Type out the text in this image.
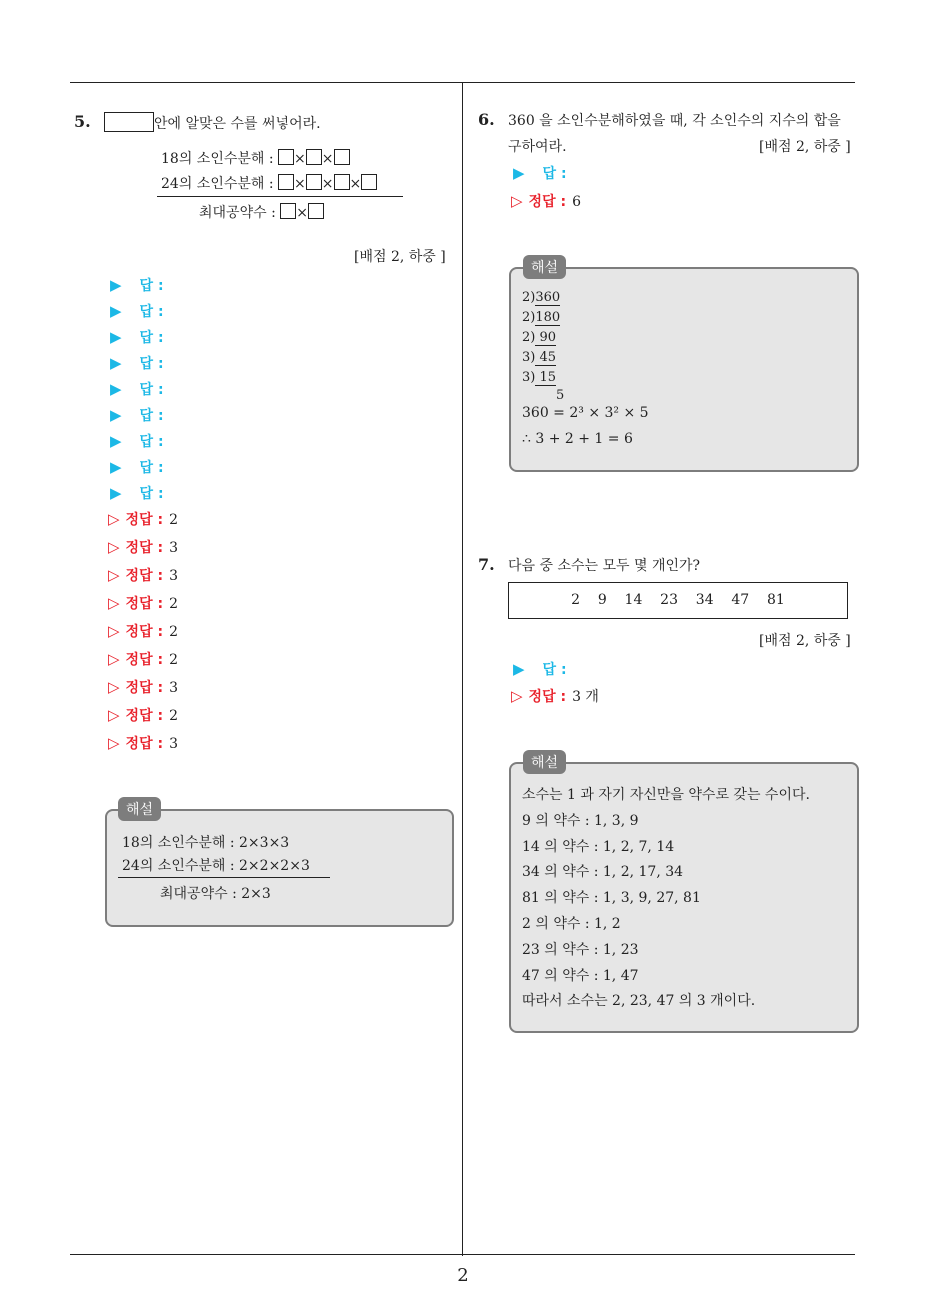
2
5.	안에 알맞은 수를 써넣어라.
18의 소인수분해 : × ×
24의 소인수분해 : × × ×
최대공약수 : ×
[배점 2, 하중 ]
▶ 답 :
▶ 답 :
▶ 답 :
▶ 답 :
▶ 답 :
▶ 답 :
▶ 답 :
▶ 답 :
▶ 답 :
▷ 정답 : 2
▷ 정답 : 3
▷ 정답 : 3
▷ 정답 : 2
▷ 정답 : 2
▷ 정답 : 2
▷ 정답 : 3
▷ 정답 : 2
▷ 정답 : 3
해설
18의 소인수분해 : 2×3×3
24의 소인수분해 : 2×2×2×3
최대공약수 : 2×3
6. 360 을 소인수분해하였을 때, 각 소인수의 지수의 합을
구하여라.	[배점 2, 하중 ]
▶ 답 :
▷ 정답 : 6
해설
2)360
2)180
2) 90
3) 45
3) 15
5
360 = 2³ × 3² × 5
∴ 3 + 2 + 1 = 6
7. 다음 중 소수는 모두 몇 개인가?
2    9    14    23    34    47    81
[배점 2, 하중 ]
▶ 답 :
▷ 정답 : 3 개
해설
소수는 1 과 자기 자신만을 약수로 갖는 수이다.
9 의 약수 : 1, 3, 9
14 의 약수 : 1, 2, 7, 14
34 의 약수 : 1, 2, 17, 34
81 의 약수 : 1, 3, 9, 27, 81
2 의 약수 : 1, 2
23 의 약수 : 1, 23
47 의 약수 : 1, 47
따라서 소수는 2, 23, 47 의 3 개이다.
